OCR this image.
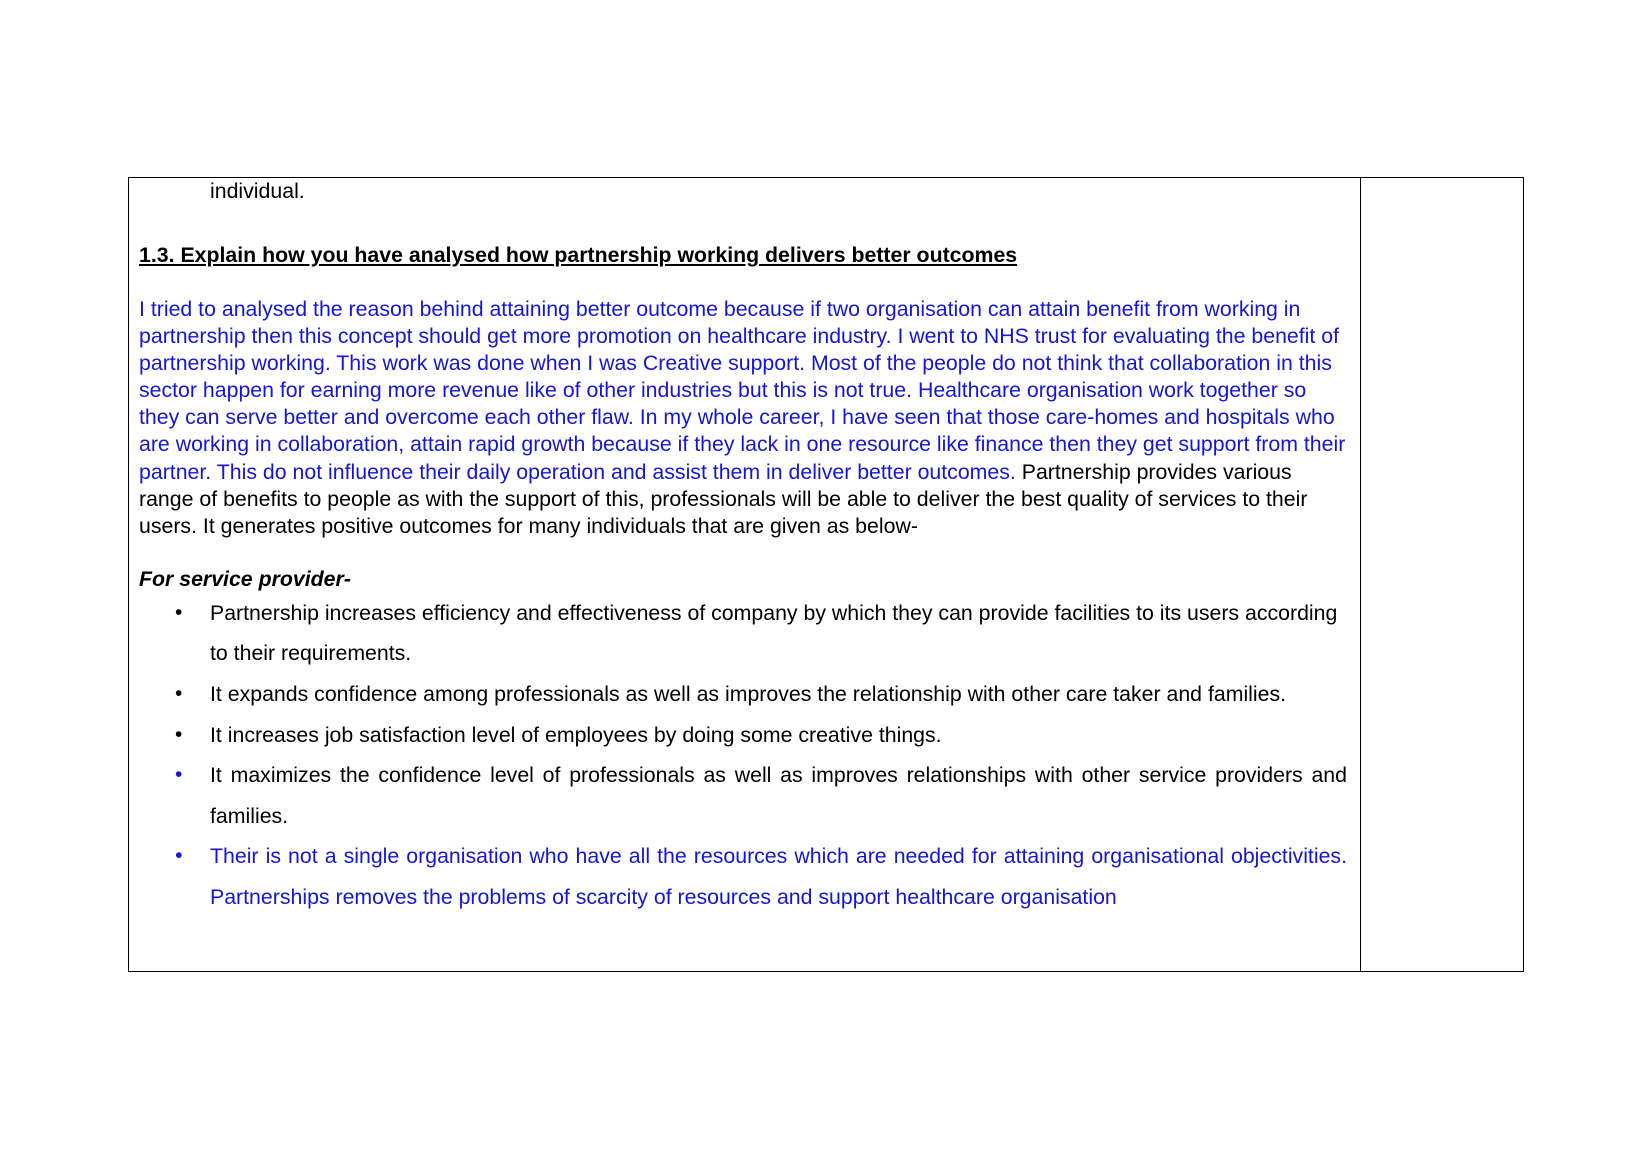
individual.
1.3. Explain how you have analysed how partnership working delivers better outcomes

I tried to analysed the reason behind attaining better outcome because if two organisation can attain benefit from working in partnership then this concept should get more promotion on healthcare industry. I went to NHS trust for evaluating the benefit of partnership working. This work was done when I was Creative support. Most of the people do not think that collaboration in this sector happen for earning more revenue like of other industries but this is not true. Healthcare organisation work together so they can serve better and overcome each other flaw. In my whole career, I have seen that those care-homes and hospitals who are working in collaboration, attain rapid growth because if they lack in one resource like finance then they get support from their partner. This do not influence their daily operation and assist them in deliver better outcomes. Partnership provides various range of benefits to people as with the support of this, professionals will be able to deliver the best quality of services to their users. It generates positive outcomes for many individuals that are given as below-

For service provider-
•	Partnership increases efficiency and effectiveness of company by which they can provide facilities to its users according to their requirements.
•	It expands confidence among professionals as well as improves the relationship with other care taker and families.
•	It increases job satisfaction level of employees by doing some creative things.
•	It maximizes the confidence level of professionals as well as improves relationships with other service providers and families.
•	Their is not a single organisation who have all the resources which are needed for attaining organisational objectivities. Partnerships removes the problems of scarcity of resources and support healthcare organisation
